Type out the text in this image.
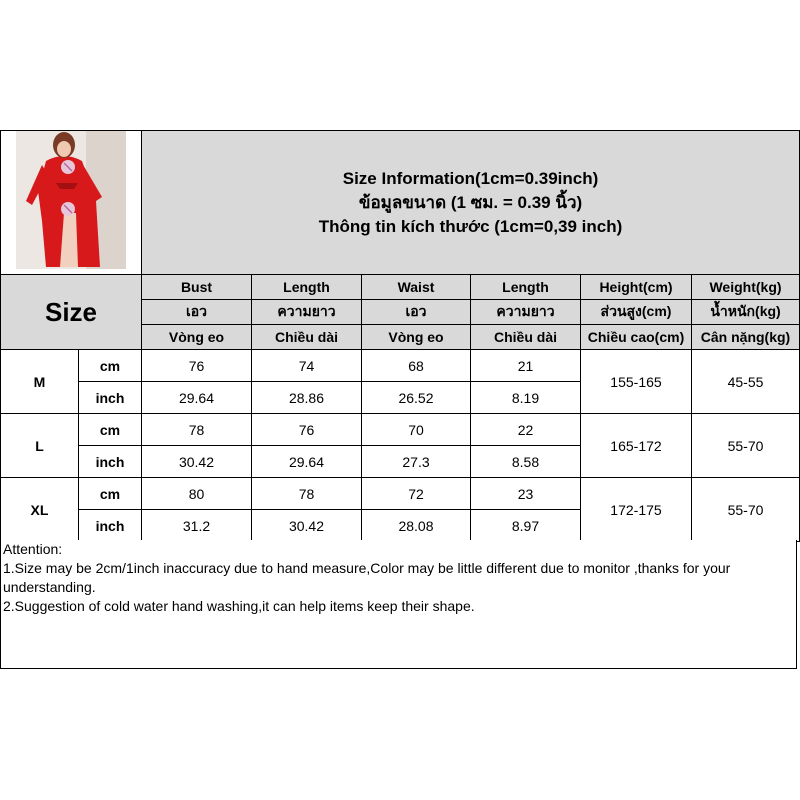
Size Information(1cm=0.39inch)
ข้อมูลขนาด (1 ซม. = 0.39 นิ้ว)
Thông tin kích thước (1cm=0,39 inch)					

Size		Bust	Length	Waist	Length	Height(cm)	Weight(kg)
		เอว	ความยาว	เอว	ความยาว	ส่วนสูง(cm)	น้ำหนัก(kg)
		Vòng eo	Chiều dài	Vòng eo	Chiều dài	Chiều cao(cm)	Cân nặng(kg)
M	cm	76	74	68	21	155-165	45-55
	inch	29.64	28.86	26.52	8.19		
L	cm	78	76	70	22	165-172	55-70
	inch	30.42	29.64	27.3	8.58		
XL	cm	80	78	72	23	172-175	55-70
	inch	31.2	30.42	28.08	8.97		

Attention:

1.Size may be 2cm/1inch inaccuracy due to hand measure,Color may be little different due to monitor ,thanks for your understanding.

2.Suggestion of cold water hand washing,it can help items keep their shape.
